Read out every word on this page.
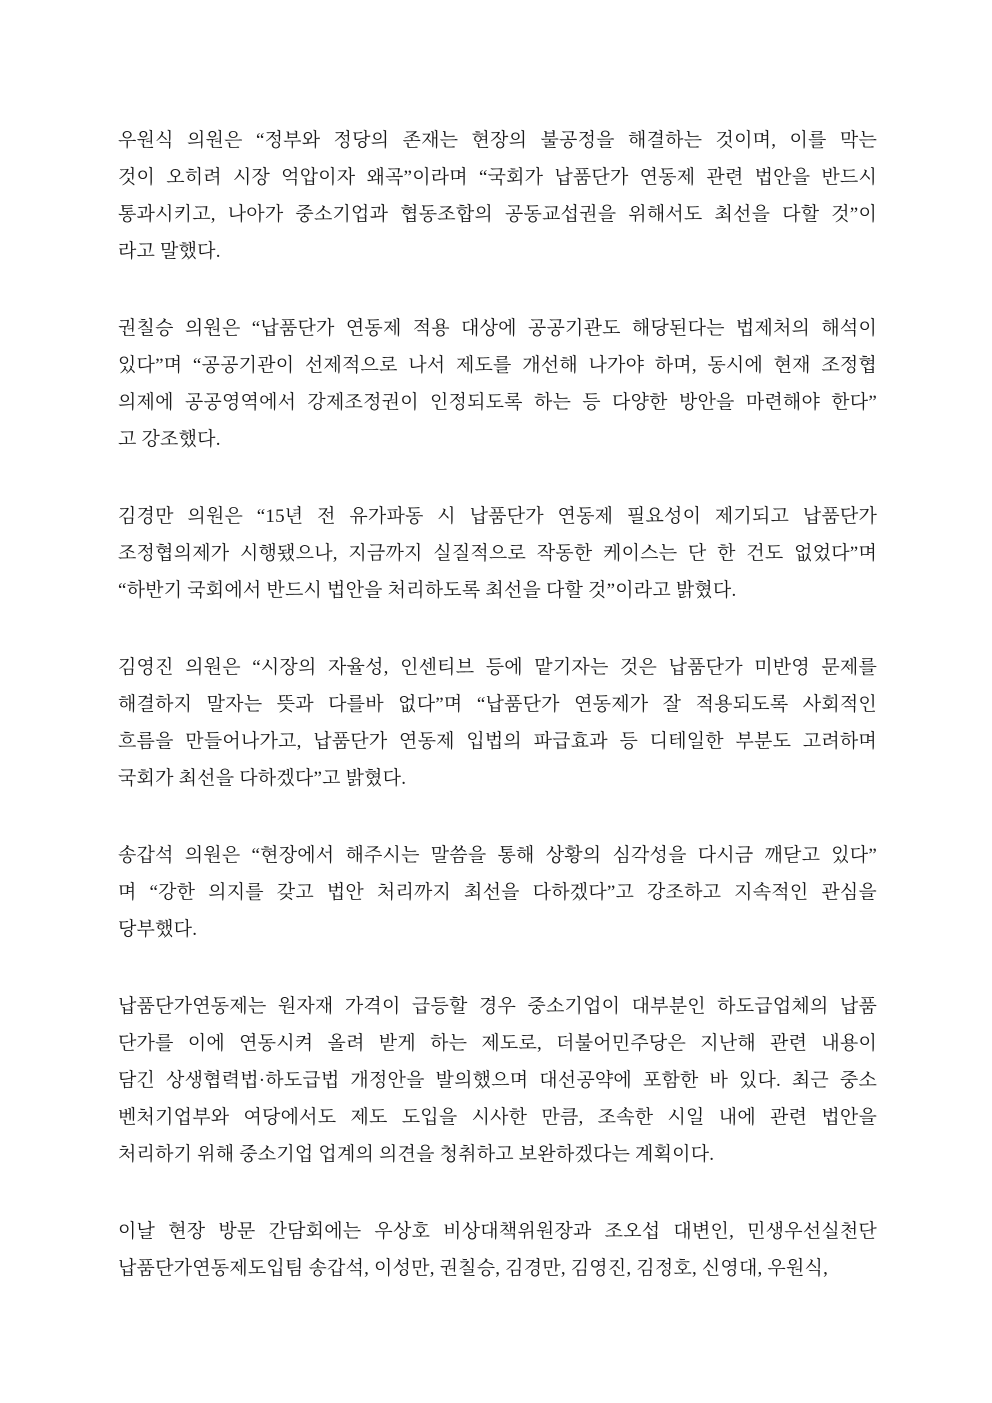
우원식 의원은 “정부와 정당의 존재는 현장의 불공정을 해결하는 것이며, 이를 막는
것이 오히려 시장 억압이자 왜곡”이라며 “국회가 납품단가 연동제 관련 법안을 반드시
통과시키고, 나아가 중소기업과 협동조합의 공동교섭권을 위해서도 최선을 다할 것”이
라고 말했다.

권칠승 의원은 “납품단가 연동제 적용 대상에 공공기관도 해당된다는 법제처의 해석이
있다”며 “공공기관이 선제적으로 나서 제도를 개선해 나가야 하며, 동시에 현재 조정협
의제에 공공영역에서 강제조정권이 인정되도록 하는 등 다양한 방안을 마련해야 한다”
고 강조했다.

김경만 의원은 “15년 전 유가파동 시 납품단가 연동제 필요성이 제기되고 납품단가
조정협의제가 시행됐으나, 지금까지 실질적으로 작동한 케이스는 단 한 건도 없었다”며
“하반기 국회에서 반드시 법안을 처리하도록 최선을 다할 것”이라고 밝혔다.

김영진 의원은 “시장의 자율성, 인센티브 등에 맡기자는 것은 납품단가 미반영 문제를
해결하지 말자는 뜻과 다를바 없다”며 “납품단가 연동제가 잘 적용되도록 사회적인
흐름을 만들어나가고, 납품단가 연동제 입법의 파급효과 등 디테일한 부분도 고려하며
국회가 최선을 다하겠다”고 밝혔다.

송갑석 의원은 “현장에서 해주시는 말씀을 통해 상황의 심각성을 다시금 깨닫고 있다”
며 “강한 의지를 갖고 법안 처리까지 최선을 다하겠다”고 강조하고 지속적인 관심을
당부했다.

납품단가연동제는 원자재 가격이 급등할 경우 중소기업이 대부분인 하도급업체의 납품
단가를 이에 연동시켜 올려 받게 하는 제도로, 더불어민주당은 지난해 관련 내용이
담긴 상생협력법·하도급법 개정안을 발의했으며 대선공약에 포함한 바 있다. 최근 중소
벤처기업부와 여당에서도 제도 도입을 시사한 만큼, 조속한 시일 내에 관련 법안을
처리하기 위해 중소기업 업계의 의견을 청취하고 보완하겠다는 계획이다.

이날 현장 방문 간담회에는 우상호 비상대책위원장과 조오섭 대변인, 민생우선실천단
납품단가연동제도입팀 송갑석, 이성만, 권칠승, 김경만, 김영진, 김정호, 신영대, 우원식,
